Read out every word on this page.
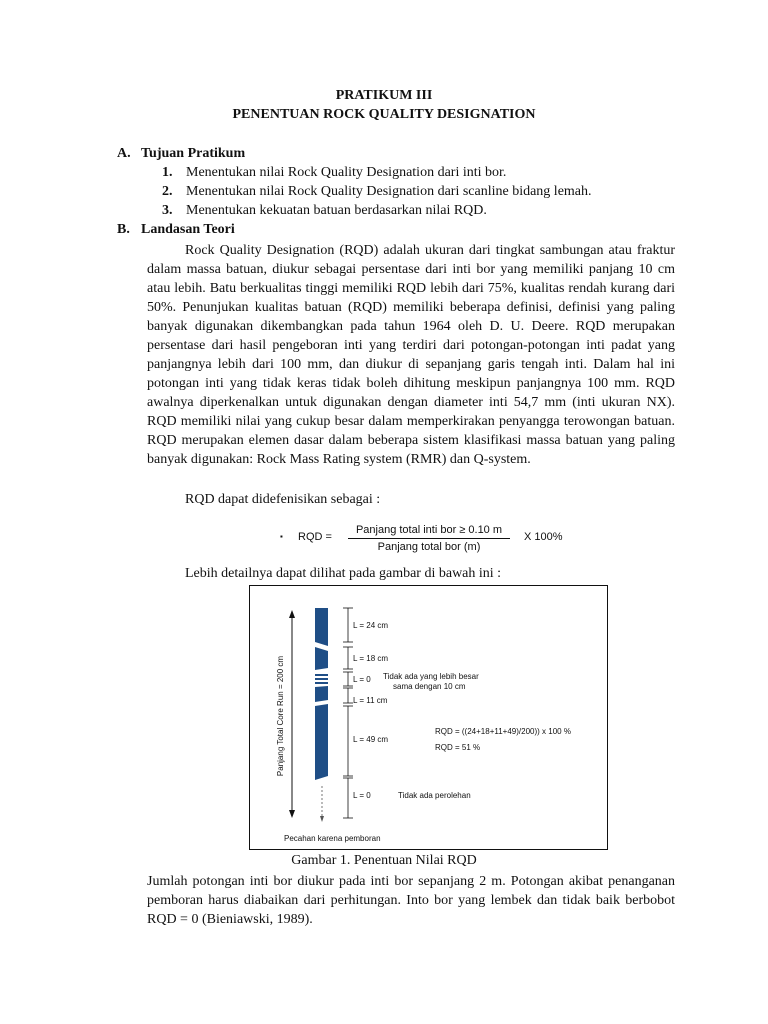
PRATIKUM III
PENENTUAN ROCK QUALITY DESIGNATION
A. Tujuan Pratikum
1. Menentukan nilai Rock Quality Designation dari inti bor.
2. Menentukan nilai Rock Quality Designation dari scanline bidang lemah.
3. Menentukan kekuatan batuan berdasarkan nilai RQD.
B. Landasan Teori

Rock Quality Designation (RQD) adalah ukuran dari tingkat sambungan atau fraktur dalam massa batuan, diukur sebagai persentase dari inti bor yang memiliki panjang 10 cm atau lebih. Batu berkualitas tinggi memiliki RQD lebih dari 75%, kualitas rendah kurang dari 50%. Penunjukan kualitas batuan (RQD) memiliki beberapa definisi, definisi yang paling banyak digunakan dikembangkan pada tahun 1964 oleh D. U. Deere. RQD merupakan persentase dari hasil pengeboran inti yang terdiri dari potongan-potongan inti padat yang panjangnya lebih dari 100 mm, dan diukur di sepanjang garis tengah inti. Dalam hal ini potongan inti yang tidak keras tidak boleh dihitung meskipun panjangnya 100 mm. RQD awalnya diperkenalkan untuk digunakan dengan diameter inti 54,7 mm (inti ukuran NX). RQD memiliki nilai yang cukup besar dalam memperkirakan penyangga terowongan batuan. RQD merupakan elemen dasar dalam beberapa sistem klasifikasi massa batuan yang paling banyak digunakan: Rock Mass Rating system (RMR) dan Q-system.

RQD dapat didefenisikan sebagai :
▪ RQD =
Panjang total inti bor ≥ 0.10 m
Panjang total bor (m)
X 100%
Lebih detailnya dapat dilihat pada gambar di bawah ini :
Panjang Total Core Run = 200 cm
L = 24 cm
L = 18 cm
L = 0
L = 11 cm
L = 49 cm
L = 0
Tidak ada yang lebih besar
sama dengan 10 cm
RQD = ((24+18+11+49)/200)) x 100 %
RQD = 51 %
Tidak ada perolehan
Pecahan karena pemboran
Gambar 1. Penentuan Nilai RQD

Jumlah potongan inti bor diukur pada inti bor sepanjang 2 m. Potongan akibat penanganan pemboran harus diabaikan dari perhitungan. Into bor yang lembek dan tidak baik berbobot RQD = 0 (Bieniawski, 1989).
